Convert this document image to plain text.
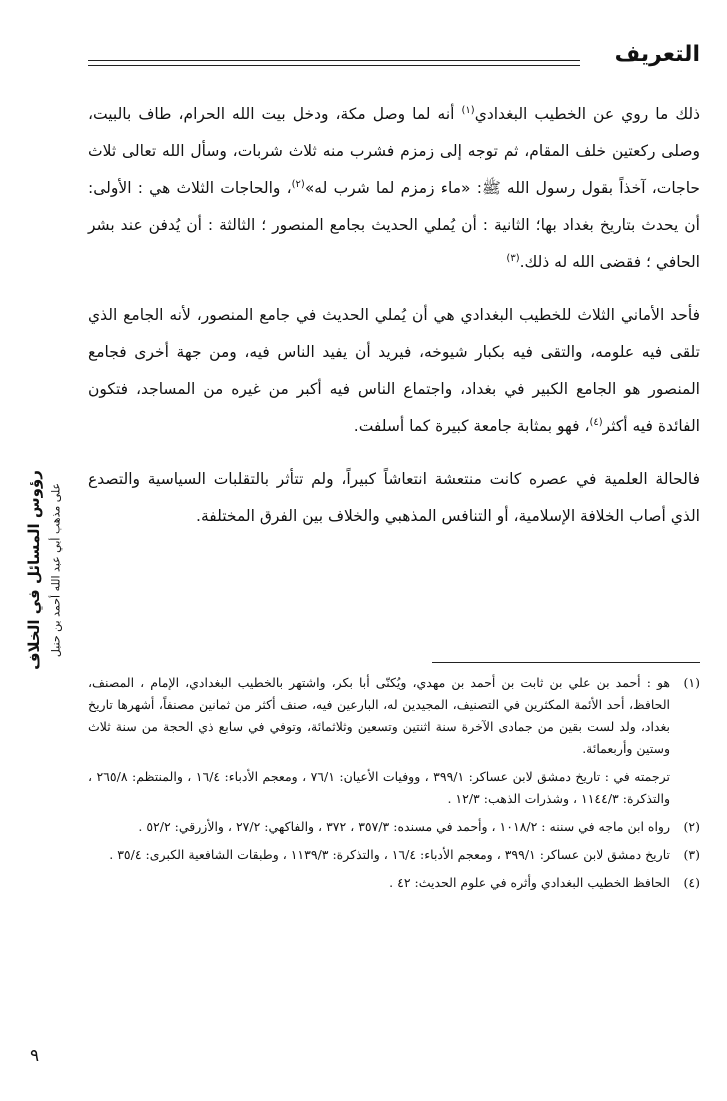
التعريف
رؤوس المسائل في الخلاف على مذهب أبي عبد الله أحمد بن حنبل

ذلك ما روي عن الخطيب البغدادي$^{(١)}$ أنه لما وصل مكة، ودخل بيت الله الحرام، طاف بالبيت، وصلى ركعتين خلف المقام، ثم توجه إلى زمزم فشرب منه ثلاث شربات، وسأل الله تعالى ثلاث حاجات، آخذاً بقول رسول الله ﷺ: «ماء زمزم لما شرب له»$^{(٢)}$، والحاجات الثلاث هي : الأولى: أن يحدث بتاريخ بغداد بها؛ الثانية : أن يُملي الحديث بجامع المنصور ؛ الثالثة : أن يُدفن عند بشر الحافي ؛ فقضى الله له ذلك.$^{(٣)}$

فأحد الأماني الثلاث للخطيب البغدادي هي أن يُملي الحديث في جامع المنصور، لأنه الجامع الذي تلقى فيه علومه، والتقى فيه بكبار شيوخه، فيريد أن يفيد الناس فيه، ومن جهة أخرى فجامع المنصور هو الجامع الكبير في بغداد، واجتماع الناس فيه أكبر من غيره من المساجد، فتكون الفائدة فيه أكثر$^{(٤)}$، فهو بمثابة جامعة كبيرة كما أسلفت.

فالحالة العلمية في عصره كانت منتعشة انتعاشاً كبيراً، ولم تتأثر بالتقلبات السياسية والتصدع الذي أصاب الخلافة الإسلامية، أو التنافس المذهبي والخلاف بين الفرق المختلفة.

(١)
هو : أحمد بن علي بن ثابت بن أحمد بن مهدي، ويُكنّى أبا بكر، واشتهر بالخطيب البغدادي، الإمام ، المصنف، الحافظ، أحد الأئمة المكثرين في التصنيف، المجيدين له، البارعين فيه، صنف أكثر من ثمانين مصنفاً، أشهرها تاريخ بغداد، ولد لست بقين من جمادى الآخرة سنة اثنتين وتسعين وثلاثمائة، وتوفي في سابع ذي الحجة من سنة ثلاث وستين وأربعمائة.
ترجمته في : تاريخ دمشق لابن عساكر: ٣٩٩/١ ، ووفيات الأعيان: ٧٦/١ ، ومعجم الأدباء: ١٦/٤ ، والمنتظم: ٢٦٥/٨ ، والتذكرة: ١١٤٤/٣ ، وشذرات الذهب: ١٢/٣ .
(٢)
رواه ابن ماجه في سننه : ١٠١٨/٢ ، وأحمد في مسنده: ٣٥٧/٣ ، ٣٧٢ ، والفاكهي: ٢٧/٢ ، والأزرقي: ٥٢/٢ .
(٣)
تاريخ دمشق لابن عساكر: ٣٩٩/١ ، ومعجم الأدباء: ١٦/٤ ، والتذكرة: ١١٣٩/٣ ، وطبقات الشافعية الكبرى: ٣٥/٤ .
(٤)
الحافظ الخطيب البغدادي وأثره في علوم الحديث: ٤٢ .
٩
